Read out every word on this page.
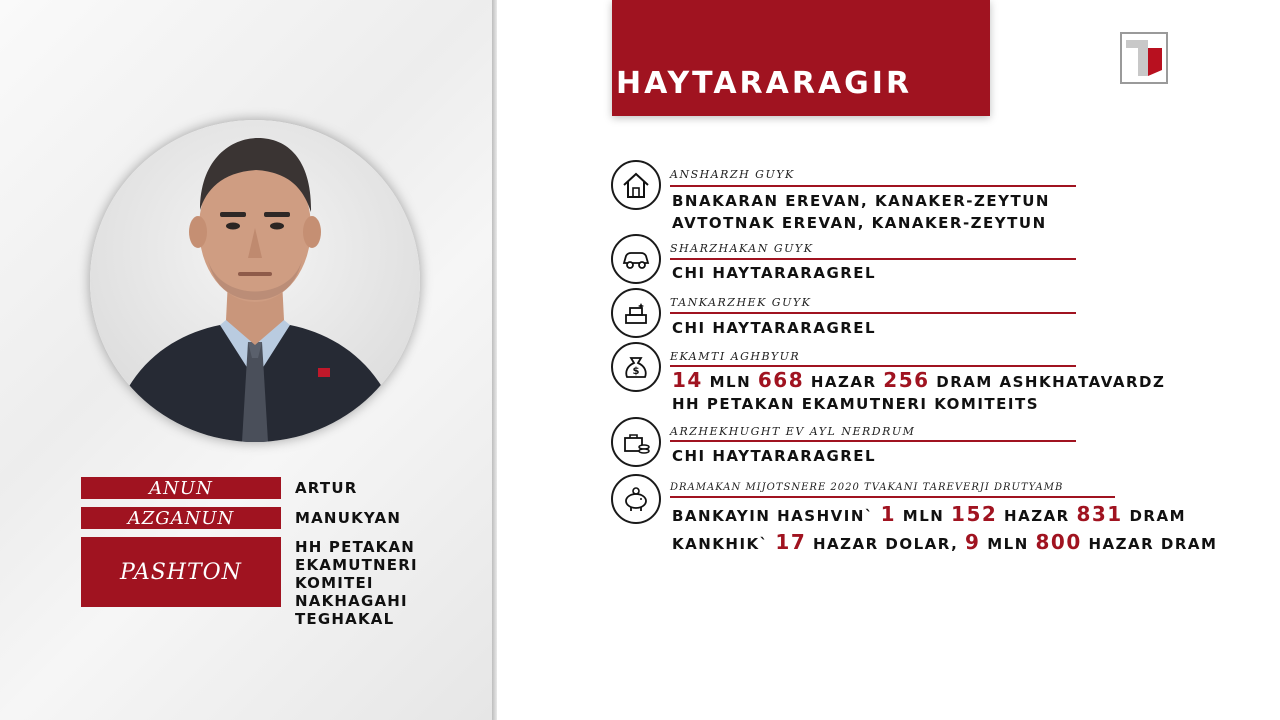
ANUN	ARTUR
AZGANUN	MANUKYAN
PASHTON
HH PETAKAN
EKAMUTNERI
KOMITEI NAKHAGAHI
TEGHAKAL
HAYTARARAGIR
ANSHARZH GUYK
BNAKARAN EREVAN, KANAKER-ZEYTUN
AVTOTNAK EREVAN, KANAKER-ZEYTUN
SHARZHAKAN GUYK
CHI HAYTARARAGREL
TANKARZHEK GUYK
CHI HAYTARARAGREL
$
EKAMTI AGHBYUR
14 MLN 668 HAZAR 256 DRAM ASHKHATAVARDZ
HH PETAKAN EKAMUTNERI KOMITEITS
ARZHEKHUGHT EV AYL NERDRUM
CHI HAYTARARAGREL
DRAMAKAN MIJOTSNERE 2020 TVAKANI TAREVERJI DRUTYAMB
BANKAYIN HASHVIN` 1 MLN 152 HAZAR 831 DRAM
KANKHIK` 17 HAZAR DOLAR, 9 MLN 800 HAZAR DRAM
